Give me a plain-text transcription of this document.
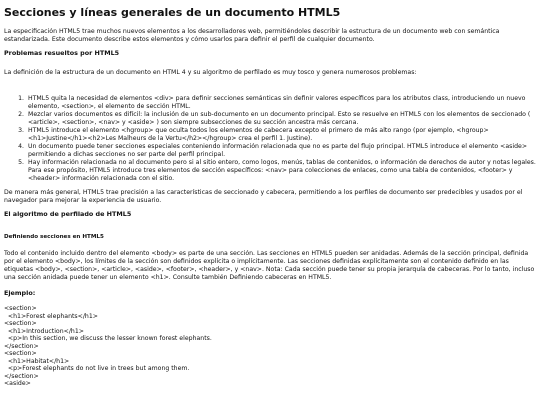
Secciones y líneas generales de un documento HTML5

La especificación HTML5 trae muchos nuevos elementos a los desarrolladores web, permitiéndoles describir la estructura de un documento web con semántica estandarizada. Este documento describe estos elementos y cómo usarlos para definir el perfil de cualquier documento.

Problemas resueltos por HTML5

La definición de la estructura de un documento en HTML 4 y su algoritmo de perfilado es muy tosco y genera numerosos problemas:

1. HTML5 quita la necesidad de elementos <div> para definir secciones semánticas sin definir valores específicos para los atributos class, introduciendo un nuevo elemento, <section>, el elemento de sección HTML.
2. Mezclar varios documentos es difícil: la inclusión de un sub-documento en un documento principal. Esto se resuelve en HTML5 con los elementos de seccionado ( <article>, <section>, <nav> y <aside> ) son siempre subsecciones de su sección ancestra más cercana.
3. HTML5 introduce el elemento <hgroup> que oculta todos los elementos de cabecera excepto el primero de más alto rango (por ejemplo, <hgroup><h1>Justine</h1><h2>Les Malheurs de la Vertu</h2></hgroup> crea el perfil 1. Justine).
4. Un documento puede tener secciones especiales conteniendo información relacionada que no es parte del flujo principal. HTML5 introduce el elemento <aside> permitiendo a dichas secciones no ser parte del perfil principal.
5. Hay información relacionada no al documento pero si al sitio entero, como logos, menús, tablas de contenidos, o información de derechos de autor y notas legales. Para ese propósito, HTML5 introduce tres elementos de sección específicos: <nav> para colecciones de enlaces, como una tabla de contenidos, <footer> y <header> información relacionada con el sitio.

De manera más general, HTML5 trae precisión a las características de seccionado y cabecera, permitiendo a los perfiles de documento ser predecibles y usados por el navegador para mejorar la experiencia de usuario.

El algoritmo de perfilado de HTML5
Definiendo secciones en HTML5

Todo el contenido incluido dentro del elemento <body> es parte de una sección. Las secciones en HTML5 pueden ser anidadas. Además de la sección principal, definida por el elemento <body>, los límites de la sección son definidos explícita o implícitamente. Las secciones definidas explícitamente son el contenido definido en las etiquetas <body>, <section>, <article>, <aside>, <footer>, <header>, y <nav>. Nota: Cada sección puede tener su propia jerarquía de cabeceras. Por lo tanto, incluso una sección anidada puede tener un elemento <h1>. Consulte también Definiendo cabeceras en HTML5.

Ejemplo:
<section>
<h1>Forest elephants</h1>
<section>
<h1>Introduction</h1>
<p>In this section, we discuss the lesser known forest elephants.
</section>
<section>
<h1>Habitat</h1>
<p>Forest elephants do not live in trees but among them.
</section>
<aside>
